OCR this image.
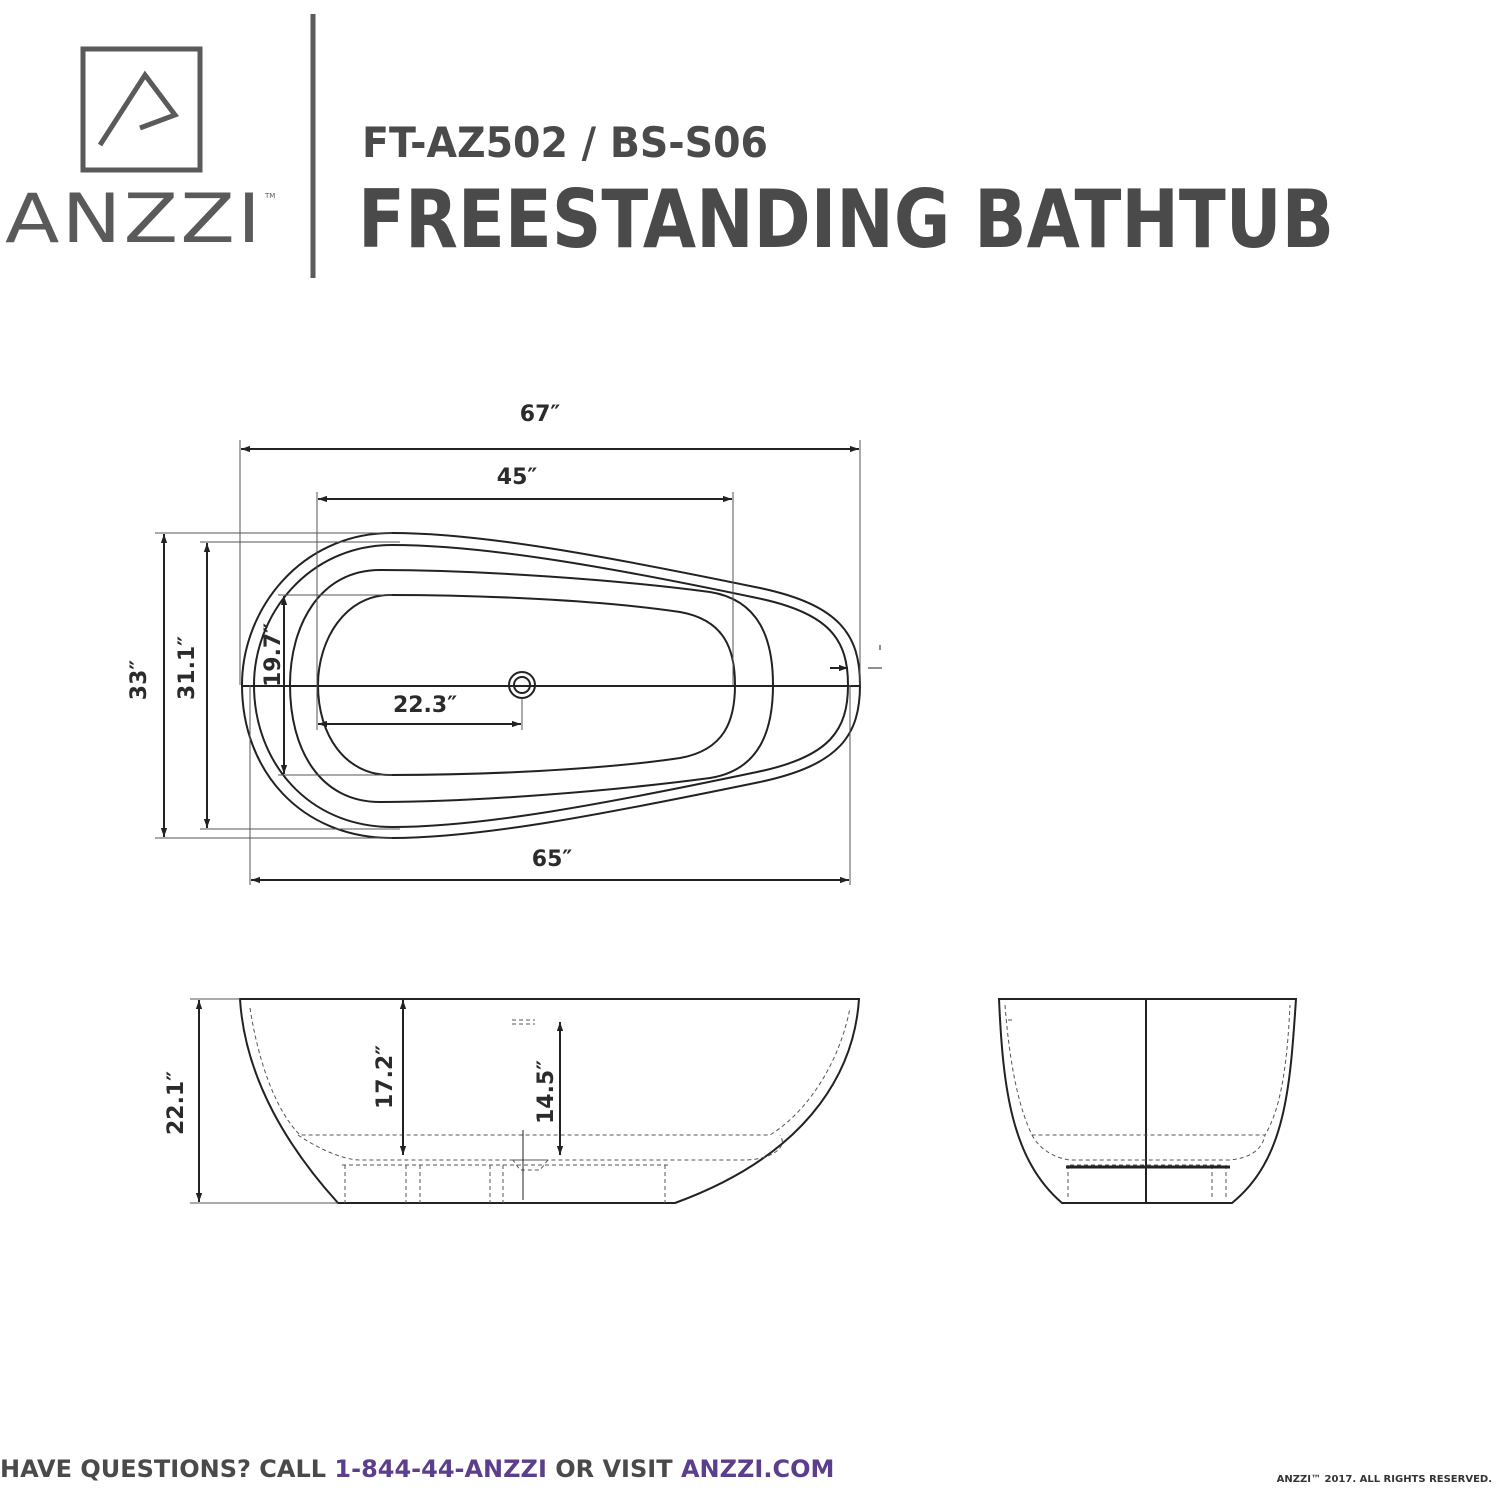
ANZZI TM
FT-AZ502 / BS-S06
FREESTANDING BATHTUB
67″
45″
65″
22.3″
33″ 31.1″	19.7″
22.1″	17.2″	14.5″
HAVE QUESTIONS? CALL 1-844-44-ANZZI OR VISIT ANZZI.COM	ANZZI™ 2017. ALL RIGHTS RESERVED.
